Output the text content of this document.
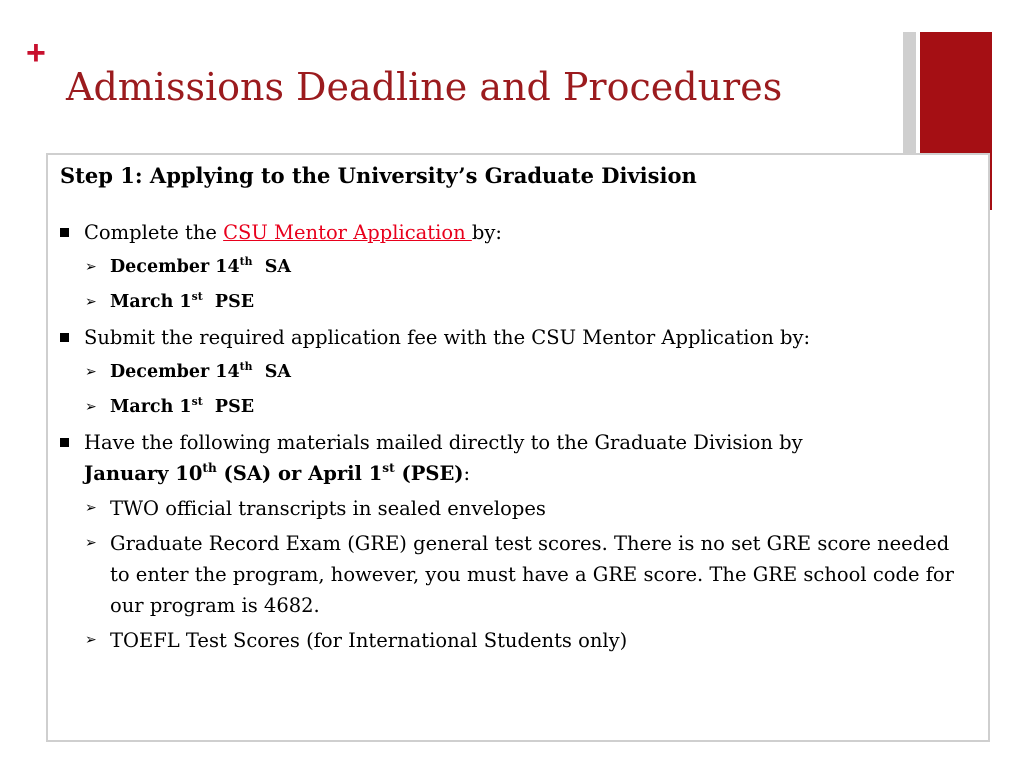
+
Admissions Deadline and Procedures
Step 1: Applying to the University’s Graduate Division
Complete the CSU Mentor Application by:
➢ December 14th  SA
➢ March 1st  PSE
Submit the required application fee with the CSU Mentor Application by:
➢ December 14th  SA
➢ March 1st  PSE
Have the following materials mailed directly to the Graduate Division by
January 10th (SA) or April 1st (PSE):
➢ TWO official transcripts in sealed envelopes
➢ Graduate Record Exam (GRE) general test scores. There is no set GRE score needed to enter the program, however, you must have a GRE score. The GRE school code for our program is 4682.
➢ TOEFL Test Scores (for International Students only)
